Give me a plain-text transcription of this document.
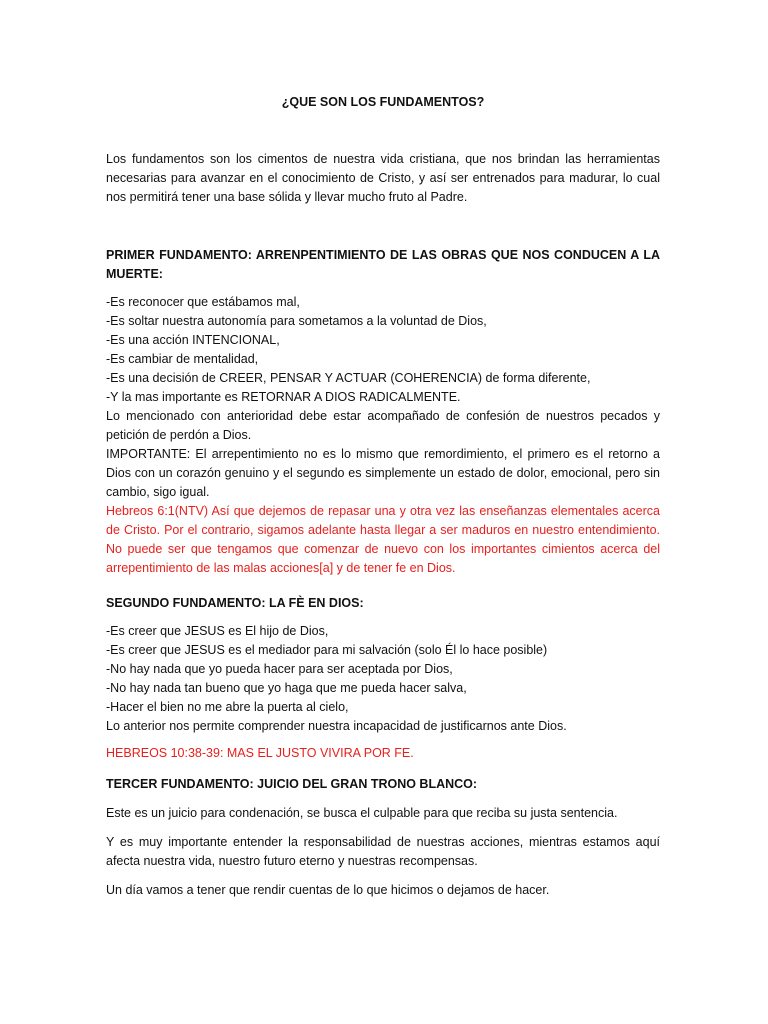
¿QUE SON LOS FUNDAMENTOS?

Los fundamentos son los cimentos de nuestra vida cristiana, que nos brindan las herramientas
necesarias para avanzar en el conocimiento de Cristo, y así ser entrenados para madurar, lo cual
nos permitirá tener una base sólida y llevar mucho fruto al Padre.

PRIMER FUNDAMENTO: ARRENPENTIMIENTO DE LAS OBRAS QUE NOS CONDUCEN A LA
MUERTE:

-Es reconocer que estábamos mal,
-Es soltar nuestra autonomía para sometamos a la voluntad de Dios,
-Es una acción INTENCIONAL,
-Es cambiar de mentalidad,
-Es una decisión de CREER, PENSAR Y ACTUAR (COHERENCIA) de forma diferente,
-Y la mas importante es RETORNAR A DIOS RADICALMENTE.
Lo mencionado con anterioridad debe estar acompañado de confesión de nuestros pecados y
petición de perdón a Dios.
IMPORTANTE: El arrepentimiento no es lo mismo que remordimiento, el primero es el retorno a
Dios con un corazón genuino y el segundo es simplemente un estado de dolor, emocional, pero sin
cambio, sigo igual.
Hebreos 6:1(NTV) Así que dejemos de repasar una y otra vez las enseñanzas elementales acerca
de Cristo. Por el contrario, sigamos adelante hasta llegar a ser maduros en nuestro entendimiento.
No puede ser que tengamos que comenzar de nuevo con los importantes cimientos acerca del
arrepentimiento de las malas acciones[a] y de tener fe en Dios.

SEGUNDO FUNDAMENTO: LA FÈ EN DIOS:

-Es creer que JESUS es El hijo de Dios,
-Es creer que JESUS es el mediador para mi salvación (solo Él lo hace posible)
-No hay nada que yo pueda hacer para ser aceptada por Dios,
-No hay nada tan bueno que yo haga que me pueda hacer salva,
-Hacer el bien no me abre la puerta al cielo,
Lo anterior nos permite comprender nuestra incapacidad de justificarnos ante Dios.

HEBREOS 10:38-39: MAS EL JUSTO VIVIRA POR FE.

TERCER FUNDAMENTO: JUICIO DEL GRAN TRONO BLANCO:

Este es un juicio para condenación, se busca el culpable para que reciba su justa sentencia.

Y es muy importante entender la responsabilidad de nuestras acciones, mientras estamos aquí
afecta nuestra vida, nuestro futuro eterno y nuestras recompensas.

Un día vamos a tener que rendir cuentas de lo que hicimos o dejamos de hacer.
